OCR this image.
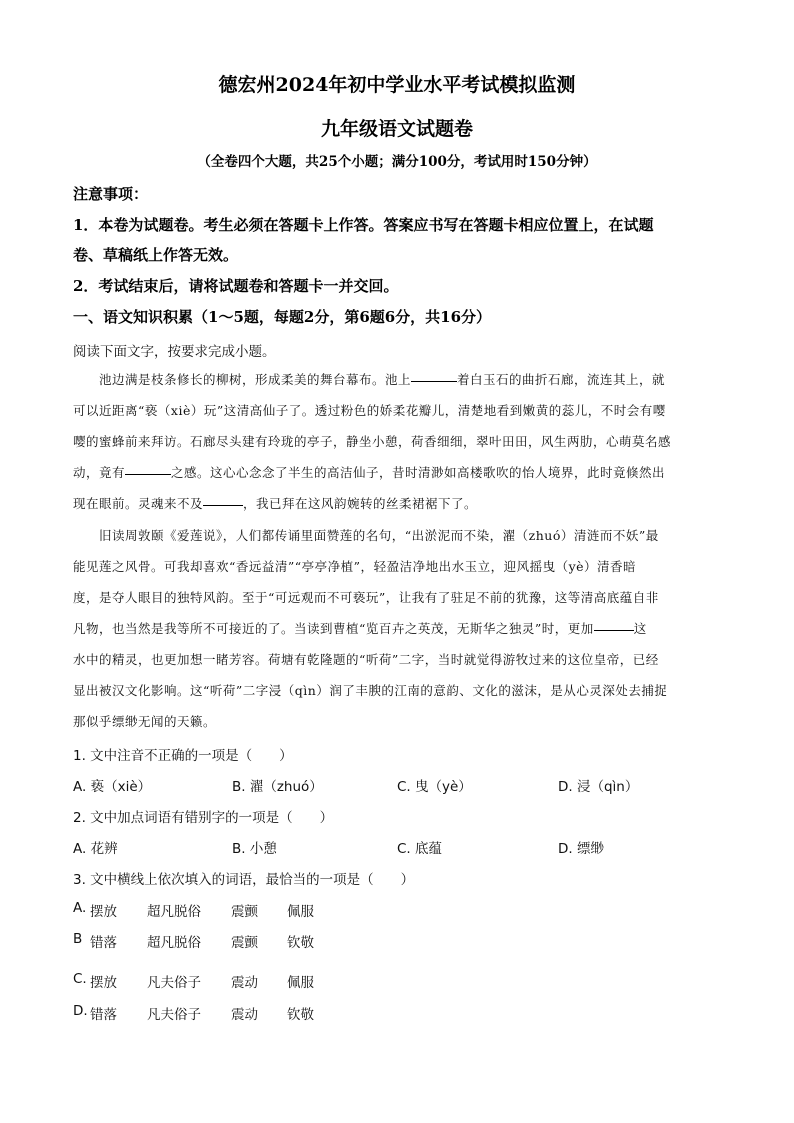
德宏州2024年初中学业水平考试模拟监测
九年级语文试题卷
（全卷四个大题，共25个小题；满分100分，考试用时150分钟）
注意事项：
1．本卷为试题卷。考生必须在答题卡上作答。答案应书写在答题卡相应位置上，在试题
卷、草稿纸上作答无效。
2．考试结束后，请将试题卷和答题卡一并交回。
一、语文知识积累（1～5题，每题2分，第6题6分，共16分）
阅读下面文字，按要求完成小题。
池边满是枝条修长的柳树，形成柔美的舞台幕布。池上	着白玉石的曲折石廊，流连其上，就
可以近距离“亵（xiè）玩”这清高仙子了。透过粉色的娇柔花瓣儿，清楚地看到嫩黄的蕊儿，不时会有嘤
嘤的蜜蜂前来拜访。石廊尽头建有玲珑的亭子，静坐小憩，荷香细细，翠叶田田，风生两肋，心萌莫名感
动，竟有	之感。这心心念念了半生的高洁仙子，昔时清渺如高楼歌吹的怡人境界，此时竟倏然出
现在眼前。灵魂来不及	，我已拜在这风韵婉转的丝柔裙裾下了。
旧读周敦颐《爱莲说》，人们都传诵里面赞莲的名句，“出淤泥而不染，濯（zhuó）清涟而不妖”最
能见莲之风骨。可我却喜欢“香远益清”“亭亭净植”，轻盈洁净地出水玉立，迎风摇曳（yè）清香暗
度，是夺人眼目的独特风韵。至于“可远观而不可亵玩”，让我有了驻足不前的犹豫，这等清高底蕴自非
凡物，也当然是我等所不可接近的了。当读到曹植“览百卉之英茂，无斯华之独灵”时，更加	这
水中的精灵，也更加想一睹芳容。荷塘有乾隆题的“听荷”二字，当时就觉得游牧过来的这位皇帝，已经
显出被汉文化影响。这“听荷”二字浸（qìn）润了丰腴的江南的意韵、文化的滋沫，是从心灵深处去捕捉
那似乎缥缈无闻的天籁。
1. 文中注音不正确的一项是（　　）
A. 亵（xiè）	B. 濯（zhuó）	C. 曳（yè）	D. 浸（qìn）
2. 文中加点词语有错别字的一项是（　　）
A. 花辨	B. 小憩	C. 底蕴	D. 缥缈
3. 文中横线上依次填入的词语，最恰当的一项是（　　）
A. 摆放 超凡脱俗 震颤 佩服
B 错落 超凡脱俗 震颤 钦敬
C. 摆放 凡夫俗子 震动 佩服
D. 错落 凡夫俗子 震动 钦敬
